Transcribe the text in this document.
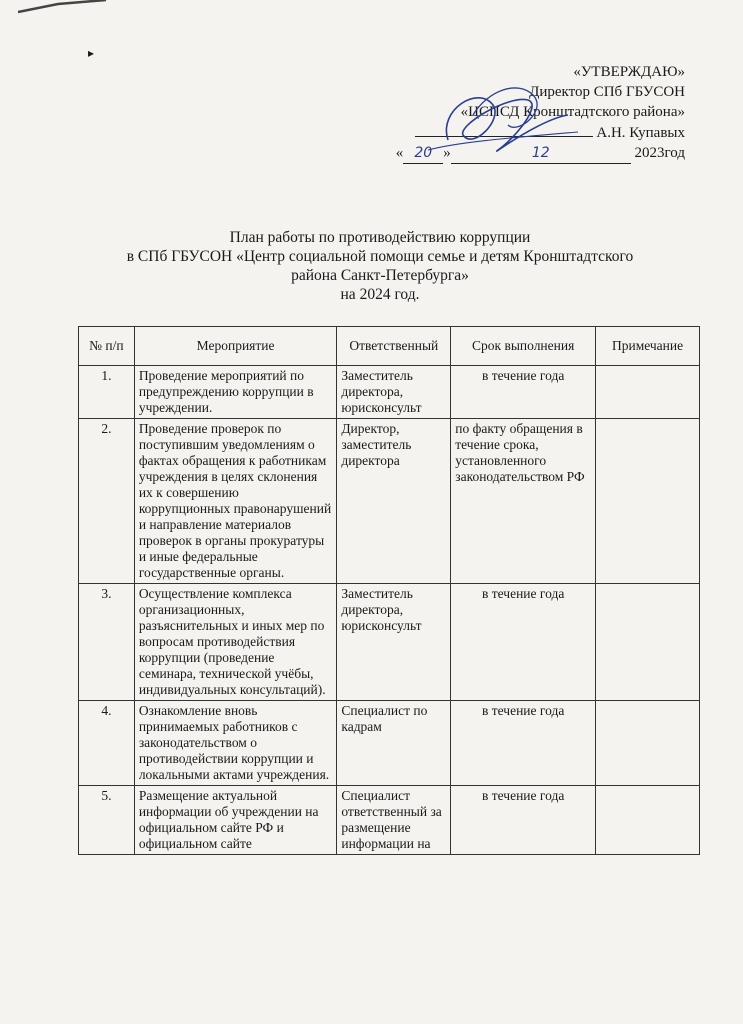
▸
«УТВЕРЖДАЮ»
Директор СПб ГБУСОН
«ЦСПСД Кронштадтского района»
А.Н. Купавых
« 20 »	12	2023год
План работы по противодействию коррупции
в СПб ГБУСОН «Центр социальной помощи семье и детям Кронштадтского
района Санкт-Петербурга»
на 2024 год.
№ п/п	Мероприятие	Ответственный	Срок выполнения	Примечание
1.	Проведение мероприятий по предупреждению коррупции в учреждении.	Заместитель директора, юрисконсульт	в течение года	
2.	Проведение проверок по поступившим уведомлениям о фактах обращения к работникам учреждения в целях склонения их к совершению коррупционных правонарушений и направление материалов проверок в органы прокуратуры и иные федеральные государственные органы.	Директор, заместитель директора	по факту обращения в течение срока, установленного законодательством РФ	
3.	Осуществление комплекса организационных, разъяснительных и иных мер по вопросам противодействия коррупции (проведение семинара, технической учёбы, индивидуальных консультаций).	Заместитель директора, юрисконсульт	в течение года	
4.	Ознакомление вновь принимаемых работников с законодательством о противодействии коррупции и локальными актами учреждения.	Специалист по кадрам	в течение года	
5.	Размещение актуальной информации об учреждении на официальном сайте РФ и официальном сайте	Специалист ответственный за размещение информации на	в течение года	
